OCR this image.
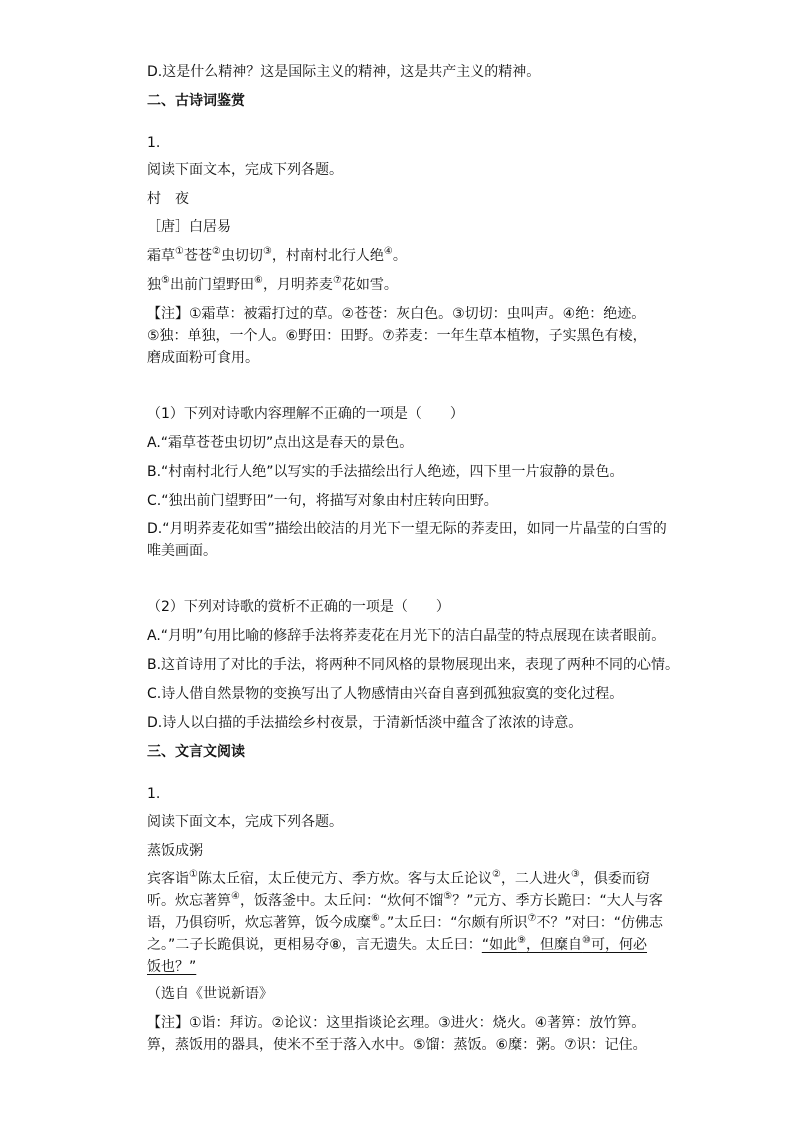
D.这是什么精神？这是国际主义的精神，这是共产主义的精神。
二、古诗词鉴赏
1.
阅读下面文本，完成下列各题。
村　夜
［唐］白居易
霜草①苍苍②虫切切③，村南村北行人绝④。
独⑤出前门望野田⑥，月明荞麦⑦花如雪。
【注】①霜草：被霜打过的草。②苍苍：灰白色。③切切：虫叫声。④绝：绝迹。
⑤独：单独，一个人。⑥野田：田野。⑦荞麦：一年生草本植物，子实黑色有棱，
磨成面粉可食用。
（1）下列对诗歌内容理解不正确的一项是（　　）
A.“霜草苍苍虫切切”点出这是春天的景色。
B.“村南村北行人绝”以写实的手法描绘出行人绝迹，四下里一片寂静的景色。
C.“独出前门望野田”一句，将描写对象由村庄转向田野。
D.“月明荞麦花如雪”描绘出皎洁的月光下一望无际的荞麦田，如同一片晶莹的白雪的
唯美画面。
（2）下列对诗歌的赏析不正确的一项是（　　）
A.“月明”句用比喻的修辞手法将荞麦花在月光下的洁白晶莹的特点展现在读者眼前。
B.这首诗用了对比的手法，将两种不同风格的景物展现出来，表现了两种不同的心情。
C.诗人借自然景物的变换写出了人物感情由兴奋自喜到孤独寂寞的变化过程。
D.诗人以白描的手法描绘乡村夜景，于清新恬淡中蕴含了浓浓的诗意。
三、文言文阅读
1.
阅读下面文本，完成下列各题。
蒸饭成粥
宾客诣①陈太丘宿，太丘使元方、季方炊。客与太丘论议②，二人进火③，俱委而窃
听。炊忘著箅④，饭落釜中。太丘问：“炊何不馏⑤？”元方、季方长跪曰：“大人与客
语，乃俱窃听，炊忘著箅，饭今成糜⑥。”太丘曰：“尔颇有所识⑦不？”对曰：“仿佛志
之。”二子长跪俱说，更相易夺⑧，言无遗失。太丘曰：“如此⑨，但糜自⑩可，何必
饭也？”
（选自《世说新语》
【注】①诣：拜访。②论议：这里指谈论玄理。③进火：烧火。④著箅：放竹箅。
箅，蒸饭用的器具，使米不至于落入水中。⑤馏：蒸饭。⑥糜：粥。⑦识：记住。
